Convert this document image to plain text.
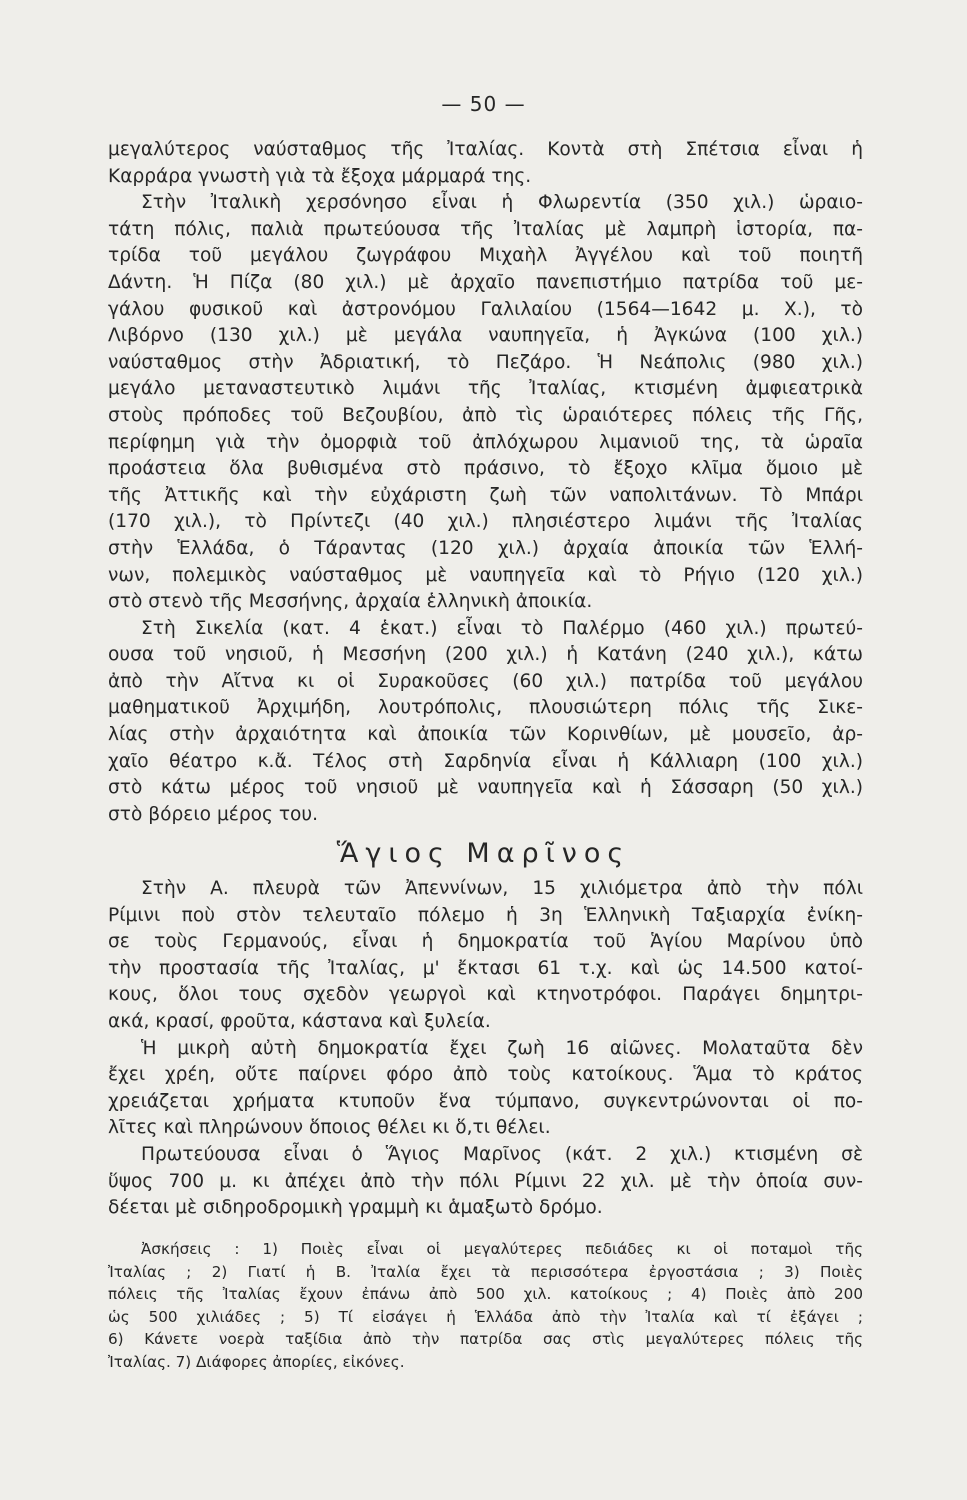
— 50 —
μεγαλύτερος ναύσταθμος τῆς Ἰταλίας. Κοντὰ στὴ Σπέτσια εἶναι ἡ
Καρράρα γνωστὴ γιὰ τὰ ἔξοχα μάρμαρά της.
Στὴν Ἰταλικὴ χερσόνησο εἶναι ἡ Φλωρεντία (350 χιλ.) ὡραιο-
τάτη πόλις, παλιὰ πρωτεύουσα τῆς Ἰταλίας μὲ λαμπρὴ ἱστορία, πα-
τρίδα τοῦ μεγάλου ζωγράφου Μιχαὴλ Ἀγγέλου καὶ τοῦ ποιητῆ
Δάντη. Ἡ Πίζα (80 χιλ.) μὲ ἀρχαῖο πανεπιστήμιο πατρίδα τοῦ με-
γάλου φυσικοῦ καὶ ἀστρονόμου Γαλιλαίου (1564—1642 μ. Χ.), τὸ
Λιβόρνο (130 χιλ.) μὲ μεγάλα ναυπηγεῖα, ἡ Ἀγκώνα (100 χιλ.)
ναύσταθμος στὴν Ἀδριατική, τὸ Πεζάρο. Ἡ Νεάπολις (980 χιλ.)
μεγάλο μεταναστευτικὸ λιμάνι τῆς Ἰταλίας, κτισμένη ἀμφιεατρικὰ
στοὺς πρόποδες τοῦ Βεζουβίου, ἀπὸ τὶς ὡραιότερες πόλεις τῆς Γῆς,
περίφημη γιὰ τὴν ὀμορφιὰ τοῦ ἀπλόχωρου λιμανιοῦ της, τὰ ὡραῖα
προάστεια ὅλα βυθισμένα στὸ πράσινο, τὸ ἔξοχο κλῖμα ὅμοιο μὲ
τῆς Ἀττικῆς καὶ τὴν εὐχάριστη ζωὴ τῶν ναπολιτάνων. Τὸ Μπάρι
(170 χιλ.), τὸ Πρίντεζι (40 χιλ.) πλησιέστερο λιμάνι τῆς Ἰταλίας
στὴν Ἑλλάδα, ὁ Τάραντας (120 χιλ.) ἀρχαία ἀποικία τῶν Ἑλλή-
νων, πολεμικὸς ναύσταθμος μὲ ναυπηγεῖα καὶ τὸ Ρήγιο (120 χιλ.)
στὸ στενὸ τῆς Μεσσήνης, ἀρχαία ἑλληνικὴ ἀποικία.
Στὴ Σικελία (κατ. 4 ἑκατ.) εἶναι τὸ Παλέρμο (460 χιλ.) πρωτεύ-
ουσα τοῦ νησιοῦ, ἡ Μεσσήνη (200 χιλ.) ἡ Κατάνη (240 χιλ.), κάτω
ἀπὸ τὴν Αἴτνα κι οἱ Συρακοῦσες (60 χιλ.) πατρίδα τοῦ μεγάλου
μαθηματικοῦ Ἀρχιμήδη, λουτρόπολις, πλουσιώτερη πόλις τῆς Σικε-
λίας στὴν ἀρχαιότητα καὶ ἀποικία τῶν Κορινθίων, μὲ μουσεῖο, ἀρ-
χαῖο θέατρο κ.ἄ. Τέλος στὴ Σαρδηνία εἶναι ἡ Κάλλιαρη (100 χιλ.)
στὸ κάτω μέρος τοῦ νησιοῦ μὲ ναυπηγεῖα καὶ ἡ Σάσσαρη (50 χιλ.)
στὸ βόρειο μέρος του.
Ἅγιος Μαρῖνος
Στὴν Α. πλευρὰ τῶν Ἀπεννίνων, 15 χιλιόμετρα ἀπὸ τὴν πόλι
Ρίμινι ποὺ στὸν τελευταῖο πόλεμο ἡ 3η Ἑλληνικὴ Ταξιαρχία ἐνίκη-
σε τοὺς Γερμανούς, εἶναι ἡ δημοκρατία τοῦ Ἁγίου Μαρίνου ὑπὸ
τὴν προστασία τῆς Ἰταλίας, μ' ἔκτασι 61 τ.χ. καὶ ὡς 14.500 κατοί-
κους, ὅλοι τους σχεδὸν γεωργοὶ καὶ κτηνοτρόφοι. Παράγει δημητρι-
ακά, κρασί, φροῦτα, κάστανα καὶ ξυλεία.
Ἡ μικρὴ αὐτὴ δημοκρατία ἔχει ζωὴ 16 αἰῶνες. Μολαταῦτα δὲν
ἔχει χρέη, οὔτε παίρνει φόρο ἀπὸ τοὺς κατοίκους. Ἅμα τὸ κράτος
χρειάζεται χρήματα κτυποῦν ἕνα τύμπανο, συγκεντρώνονται οἱ πο-
λῖτες καὶ πληρώνουν ὅποιος θέλει κι ὅ,τι θέλει.
Πρωτεύουσα εἶναι ὁ Ἅγιος Μαρῖνος (κάτ. 2 χιλ.) κτισμένη σὲ
ὕψος 700 μ. κι ἀπέχει ἀπὸ τὴν πόλι Ρίμινι 22 χιλ. μὲ τὴν ὁποία συν-
δέεται μὲ σιδηροδρομικὴ γραμμὴ κι ἁμαξωτὸ δρόμο.
Ἀσκήσεις : 1) Ποιὲς εἶναι οἱ μεγαλύτερες πεδιάδες κι οἱ ποταμοὶ τῆς
Ἰταλίας ; 2) Γιατί ἡ Β. Ἰταλία ἔχει τὰ περισσότερα ἐργοστάσια ; 3) Ποιὲς
πόλεις τῆς Ἰταλίας ἔχουν ἐπάνω ἀπὸ 500 χιλ. κατοίκους ; 4) Ποιὲς ἀπὸ 200
ὡς 500 χιλιάδες ; 5) Τί εἰσάγει ἡ Ἑλλάδα ἀπὸ τὴν Ἰταλία καὶ τί ἐξάγει ;
6) Κάνετε νοερὰ ταξίδια ἀπὸ τὴν πατρίδα σας στὶς μεγαλύτερες πόλεις τῆς
Ἰταλίας. 7) Διάφορες ἀπορίες, εἰκόνες.
